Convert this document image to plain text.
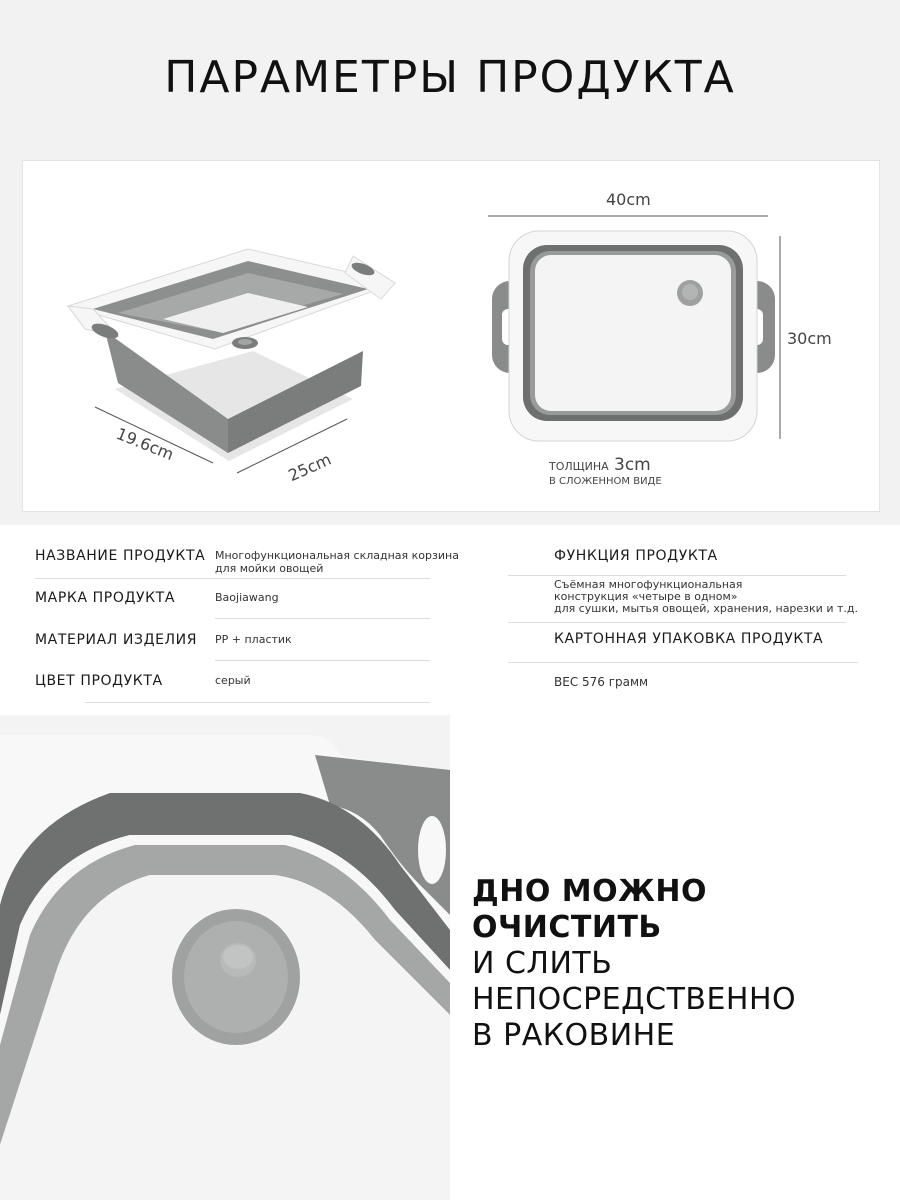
ПАРАМЕТРЫ ПРОДУКТА
19.6cm
25cm
40cm
30cm
ТОЛЩИНА 3cm
В СЛОЖЕННОМ ВИДЕ
НАЗВАНИЕ ПРОДУКТА Многофункциональная складная корзина
для мойки овощей
МАРКА ПРОДУКТА	Baojiawang
МАТЕРИАЛ ИЗДЕЛИЯ PP + пластик
ЦВЕТ ПРОДУКТА	серый
ФУНКЦИЯ ПРОДУКТА
Съёмная многофункциональная
конструкция «четыре в одном»
для сушки, мытья овощей, хранения, нарезки и т.д.
КАРТОННАЯ УПАКОВКА ПРОДУКТА
ВЕС 576 грамм
ДНО МОЖНО ОЧИСТИТЬ
И СЛИТЬ НЕПОСРЕДСТВЕННО
В РАКОВИНЕ
